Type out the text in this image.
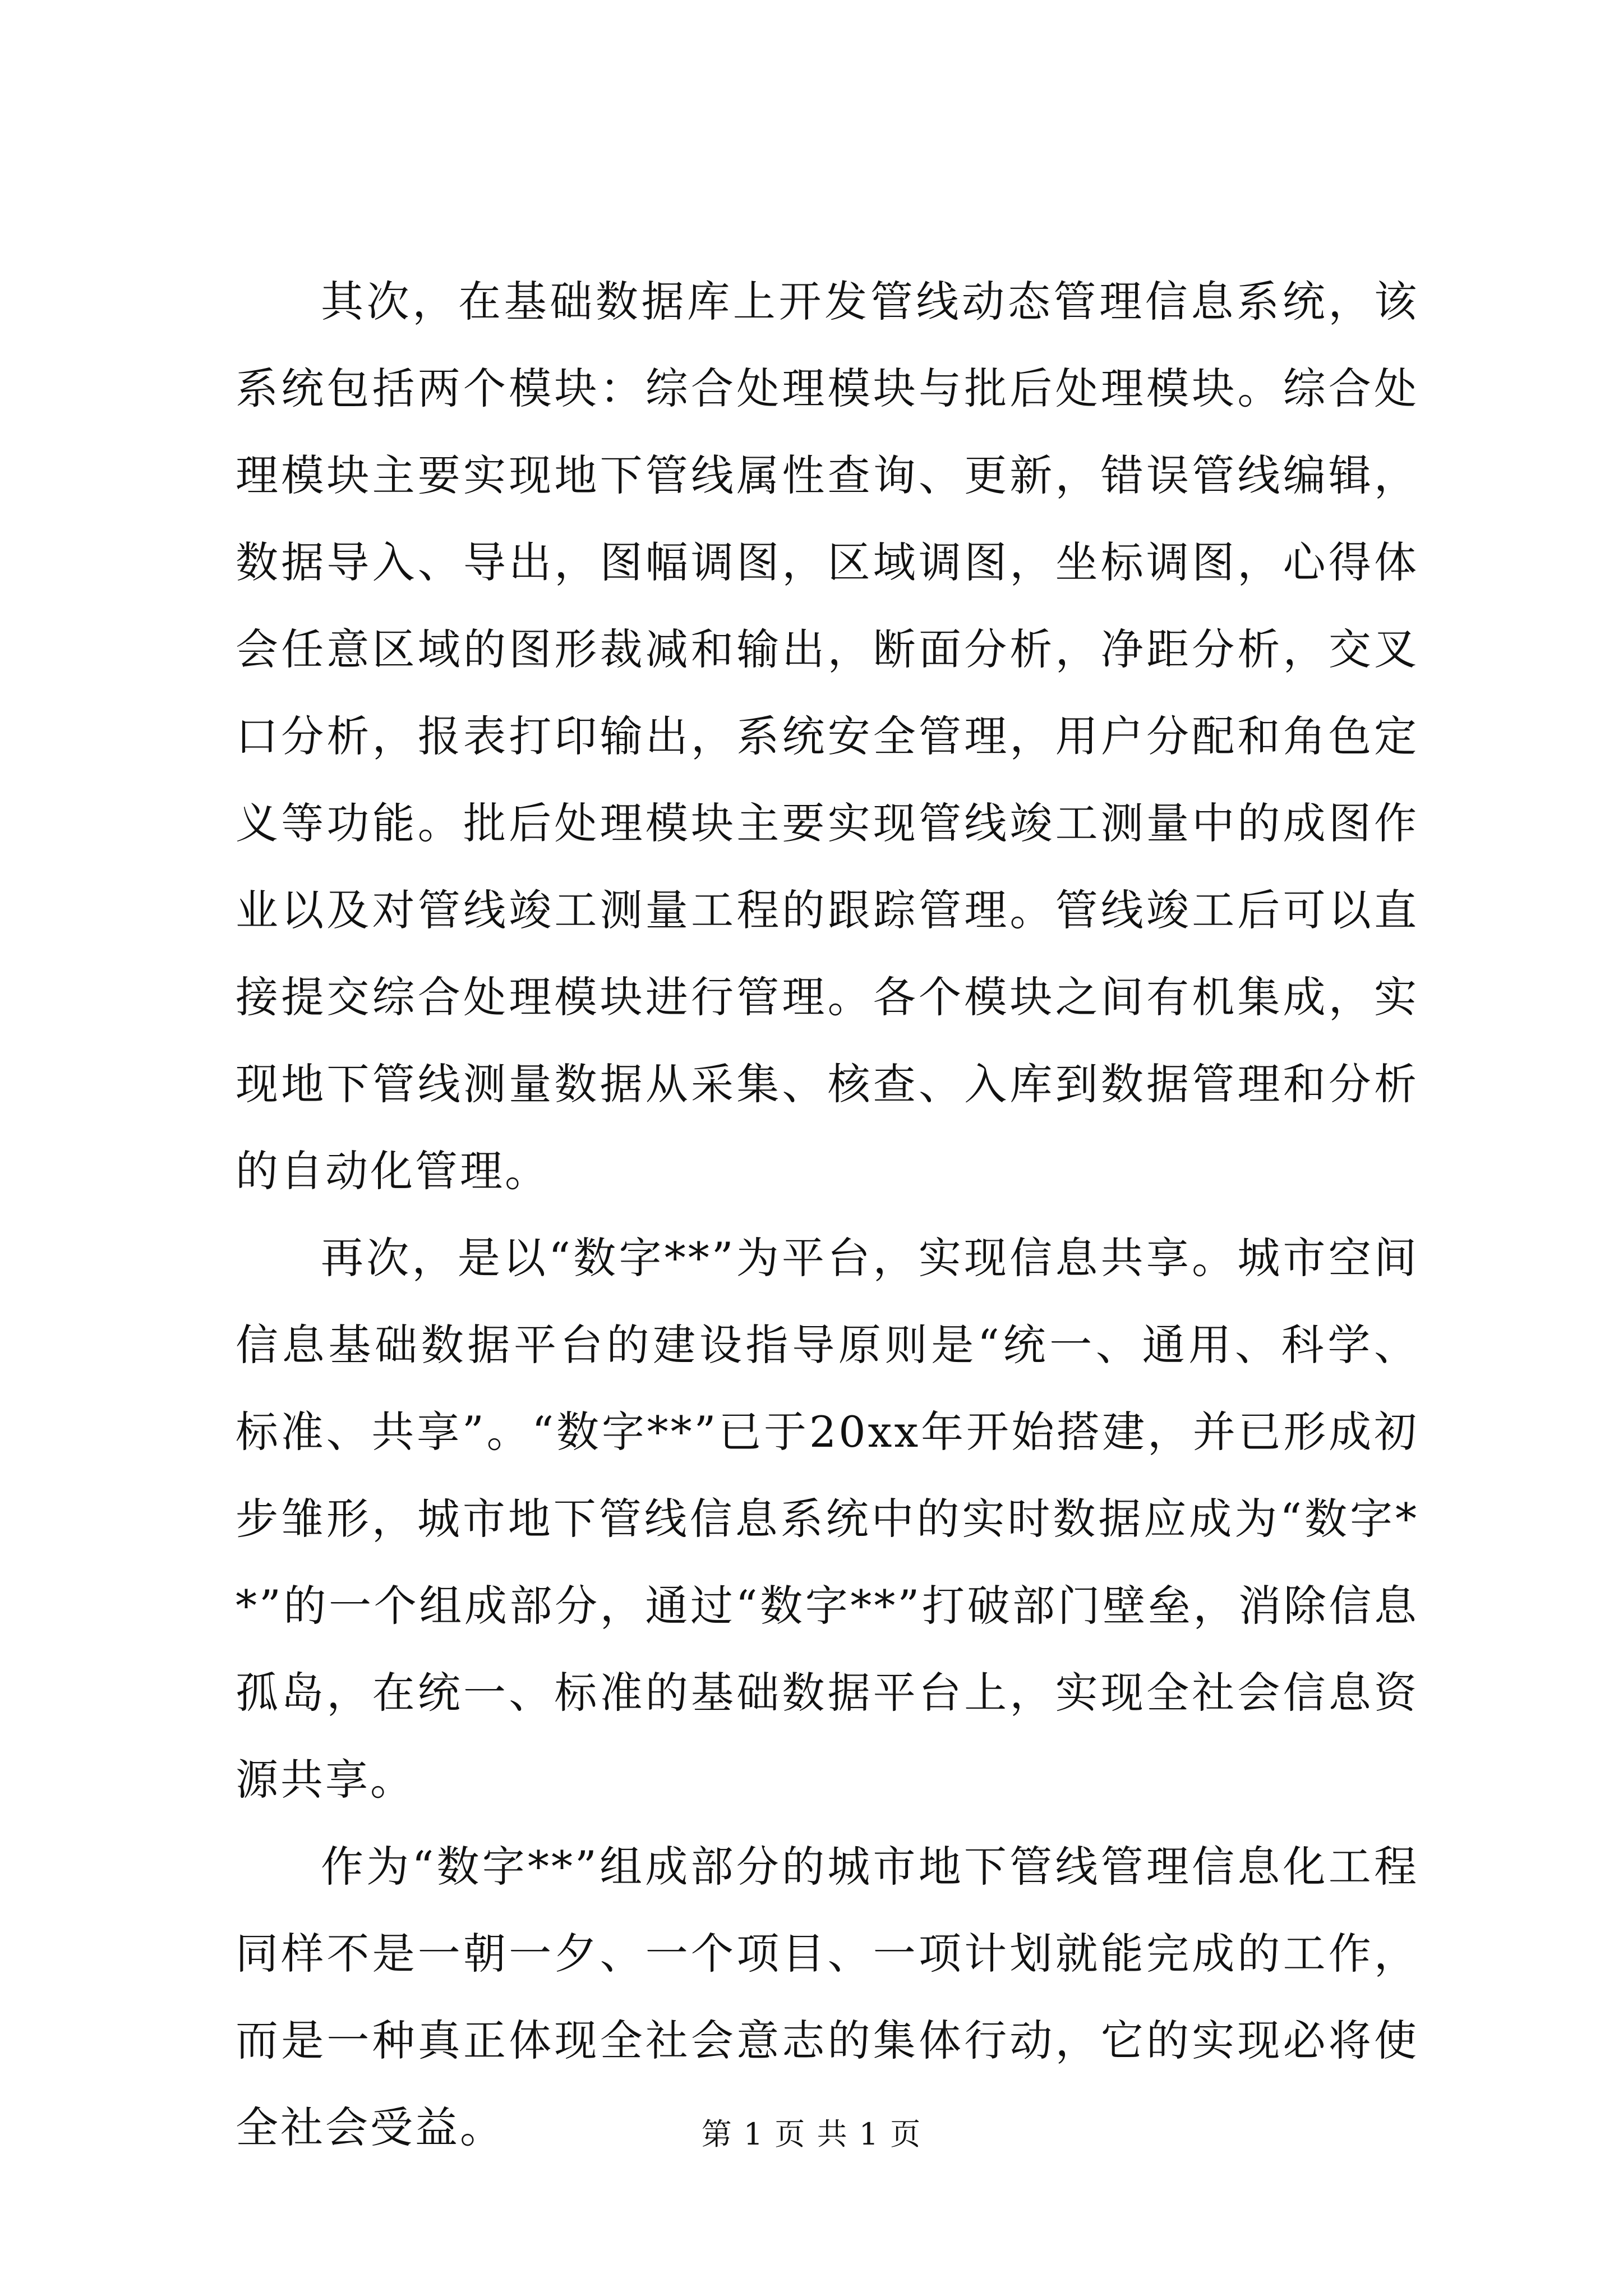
其次，在基础数据库上开发管线动态管理信息系统，该系统包括两个模块：综合处理模块与批后处理模块。综合处理模块主要实现地下管线属性查询、更新，错误管线编辑，数据导入、导出，图幅调图，区域调图，坐标调图，心得体会任意区域的图形裁减和输出，断面分析，净距分析，交叉口分析，报表打印输出，系统安全管理，用户分配和角色定义等功能。批后处理模块主要实现管线竣工测量中的成图作业以及对管线竣工测量工程的跟踪管理。管线竣工后可以直接提交综合处理模块进行管理。各个模块之间有机集成，实现地下管线测量数据从采集、核查、入库到数据管理和分析的自动化管理。

再次，是以“数字**”为平台，实现信息共享。城市空间信息基础数据平台的建设指导原则是“统一、通用、科学、标准、共享”。“数字**”已于20xx年开始搭建，并已形成初步雏形，城市地下管线信息系统中的实时数据应成为“数字**”的一个组成部分，通过“数字**”打破部门壁垒，消除信息孤岛，在统一、标准的基础数据平台上，实现全社会信息资源共享。

作为“数字**”组成部分的城市地下管线管理信息化工程同样不是一朝一夕、一个项目、一项计划就能完成的工作，而是一种真正体现全社会意志的集体行动，它的实现必将使全社会受益。	第 1 页 共 1 页
